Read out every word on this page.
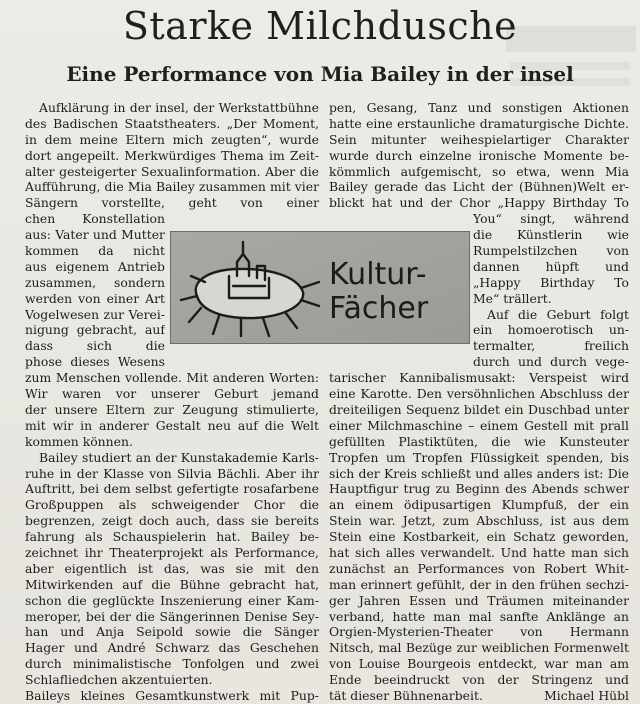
Starke Milchdusche
Eine Performance von Mia Bailey in der insel
Aufklärung in der insel, der Werkstattbühne
des Badischen Staatstheaters. „Der Moment,
in dem meine Eltern mich zeugten“, wurde
dort angepeilt. Merkwürdiges Thema im Zeit-
alter gesteigerter Sexualinformation. Aber die
Aufführung, die Mia Bailey zusammen mit vier
Sängern vorstellte, geht von einer
chen Konstellation
aus: Vater und Mutter
kommen da nicht
aus eigenem Antrieb
zusammen, sondern
werden von einer Art
Vogelwesen zur Verei-
nigung gebracht, auf
dass sich die
phose dieses Wesens
zum Menschen vollende. Mit anderen Worten:
Wir waren vor unserer Geburt jemand
der unsere Eltern zur Zeugung stimulierte,
mit wir in anderer Gestalt neu auf die Welt
kommen können.
Bailey studiert an der Kunstakademie Karls-
ruhe in der Klasse von Silvia Bächli. Aber ihr
Auftritt, bei dem selbst gefertigte rosafarbene
Großpuppen als schweigender Chor die
begrenzen, zeigt doch auch, dass sie bereits
fahrung als Schauspielerin hat. Bailey be-
zeichnet ihr Theaterprojekt als Performance,
aber eigentlich ist das, was sie mit den
Mitwirkenden auf die Bühne gebracht hat,
schon die geglückte Inszenierung einer Kam-
meroper, bei der die Sängerinnen Denise Sey-
han und Anja Seipold sowie die Sänger
Hager und André Schwarz das Geschehen
durch minimalistische Tonfolgen und zwei
Schlafliedchen akzentuierten.
Baileys kleines Gesamtkunstwerk mit Pup-
pen, Gesang, Tanz und sonstigen Aktionen
hatte eine erstaunliche dramaturgische Dichte.
Sein mitunter weihespielartiger Charakter
wurde durch einzelne ironische Momente be-
kömmlich aufgemischt, so etwa, wenn Mia
Bailey gerade das Licht der (Bühnen)Welt er-
blickt hat und der Chor „Happy Birthday To
You“ singt, während
die Künstlerin wie
Rumpelstilzchen von
dannen hüpft und
„Happy Birthday To
Me“ trällert.
Auf die Geburt folgt
ein homoerotisch un-
termalter, freilich
durch und durch vege-
tarischer Kannibalismusakt: Verspeist wird
eine Karotte. Den versöhnlichen Abschluss der
dreiteiligen Sequenz bildet ein Duschbad unter
einer Milchmaschine – einem Gestell mit prall
gefüllten Plastiktüten, die wie Kunsteuter
Tropfen um Tropfen Flüssigkeit spenden, bis
sich der Kreis schließt und alles anders ist: Die
Hauptfigur trug zu Beginn des Abends schwer
an einem ödipusartigen Klumpfuß, der ein
Stein war. Jetzt, zum Abschluss, ist aus dem
Stein eine Kostbarkeit, ein Schatz geworden,
hat sich alles verwandelt. Und hatte man sich
zunächst an Performances von Robert Whit-
man erinnert gefühlt, der in den frühen sechzi-
ger Jahren Essen und Träumen miteinander
verband, hatte man mal sanfte Anklänge an
Orgien-Mysterien-Theater von Hermann
Nitsch, mal Bezüge zur weiblichen Formenwelt
von Louise Bourgeois entdeckt, war man am
Ende beeindruckt von der Stringenz und
tät dieser Bühnenarbeit.	Michael Hübl
Kultur-
Fächer
